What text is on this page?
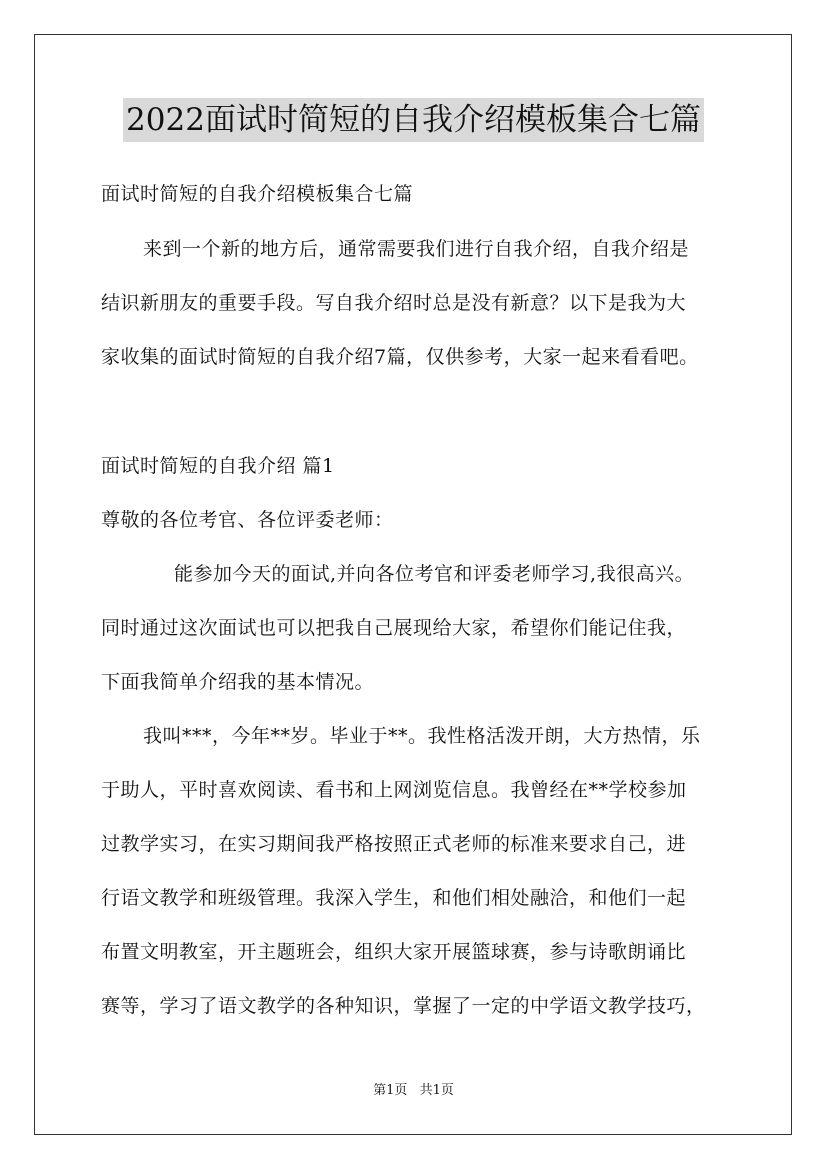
2022面试时简短的自我介绍模板集合七篇
面试时简短的自我介绍模板集合七篇
来到一个新的地方后，通常需要我们进行自我介绍，自我介绍是
结识新朋友的重要手段。写自我介绍时总是没有新意？以下是我为大
家收集的面试时简短的自我介绍7篇，仅供参考，大家一起来看看吧。
面试时简短的自我介绍 篇1
尊敬的各位考官、各位评委老师：
能参加今天的面试,并向各位考官和评委老师学习,我很高兴。
同时通过这次面试也可以把我自己展现给大家，希望你们能记住我，
下面我简单介绍我的基本情况。
我叫***，今年**岁。毕业于**。我性格活泼开朗，大方热情，乐
于助人，平时喜欢阅读、看书和上网浏览信息。我曾经在**学校参加
过教学实习，在实习期间我严格按照正式老师的标准来要求自己，进
行语文教学和班级管理。我深入学生，和他们相处融洽，和他们一起
布置文明教室，开主题班会，组织大家开展篮球赛，参与诗歌朗诵比
赛等，学习了语文教学的各种知识，掌握了一定的中学语文教学技巧，
第1页 共1页
